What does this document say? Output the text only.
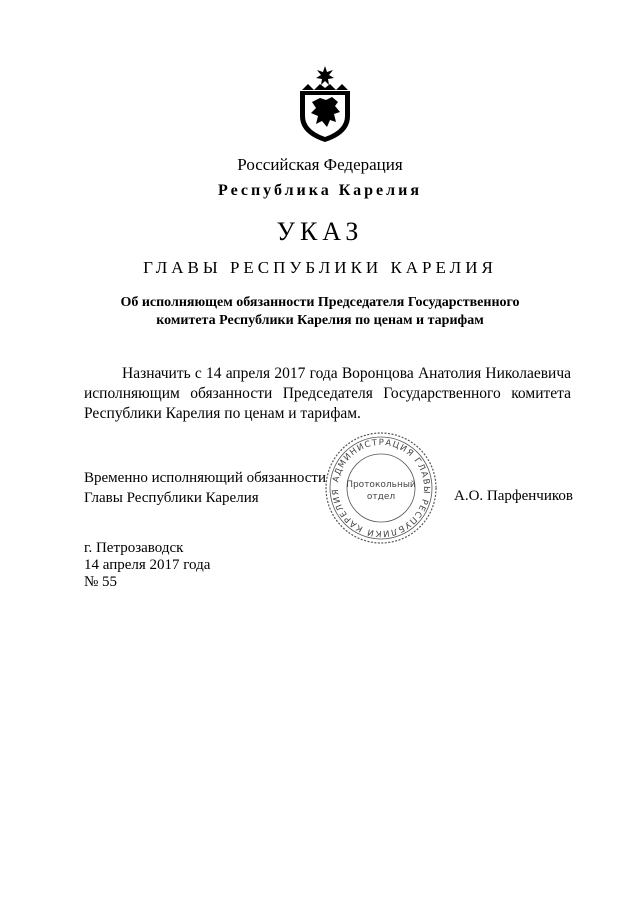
Российская Федерация
Республика Карелия
УКАЗ
ГЛАВЫ РЕСПУБЛИКИ КАРЕЛИЯ
Об исполняющем обязанности Председателя Государственного
комитета Республики Карелия по ценам и тарифам
Назначить с 14 апреля 2017 года Воронцова Анатолия Николаевича исполняющим обязанности Председателя Государственного комитета Республики Карелия по ценам и тарифам.
Временно исполняющий обязанности
Главы Республики Карелия
АДМИНИСТРАЦИЯ ГЛАВЫ РЕСПУБЛИКИ КАРЕЛИЯ
Протокольный
отдел	А.О. Парфенчиков
г. Петрозаводск
14 апреля 2017 года
№ 55
